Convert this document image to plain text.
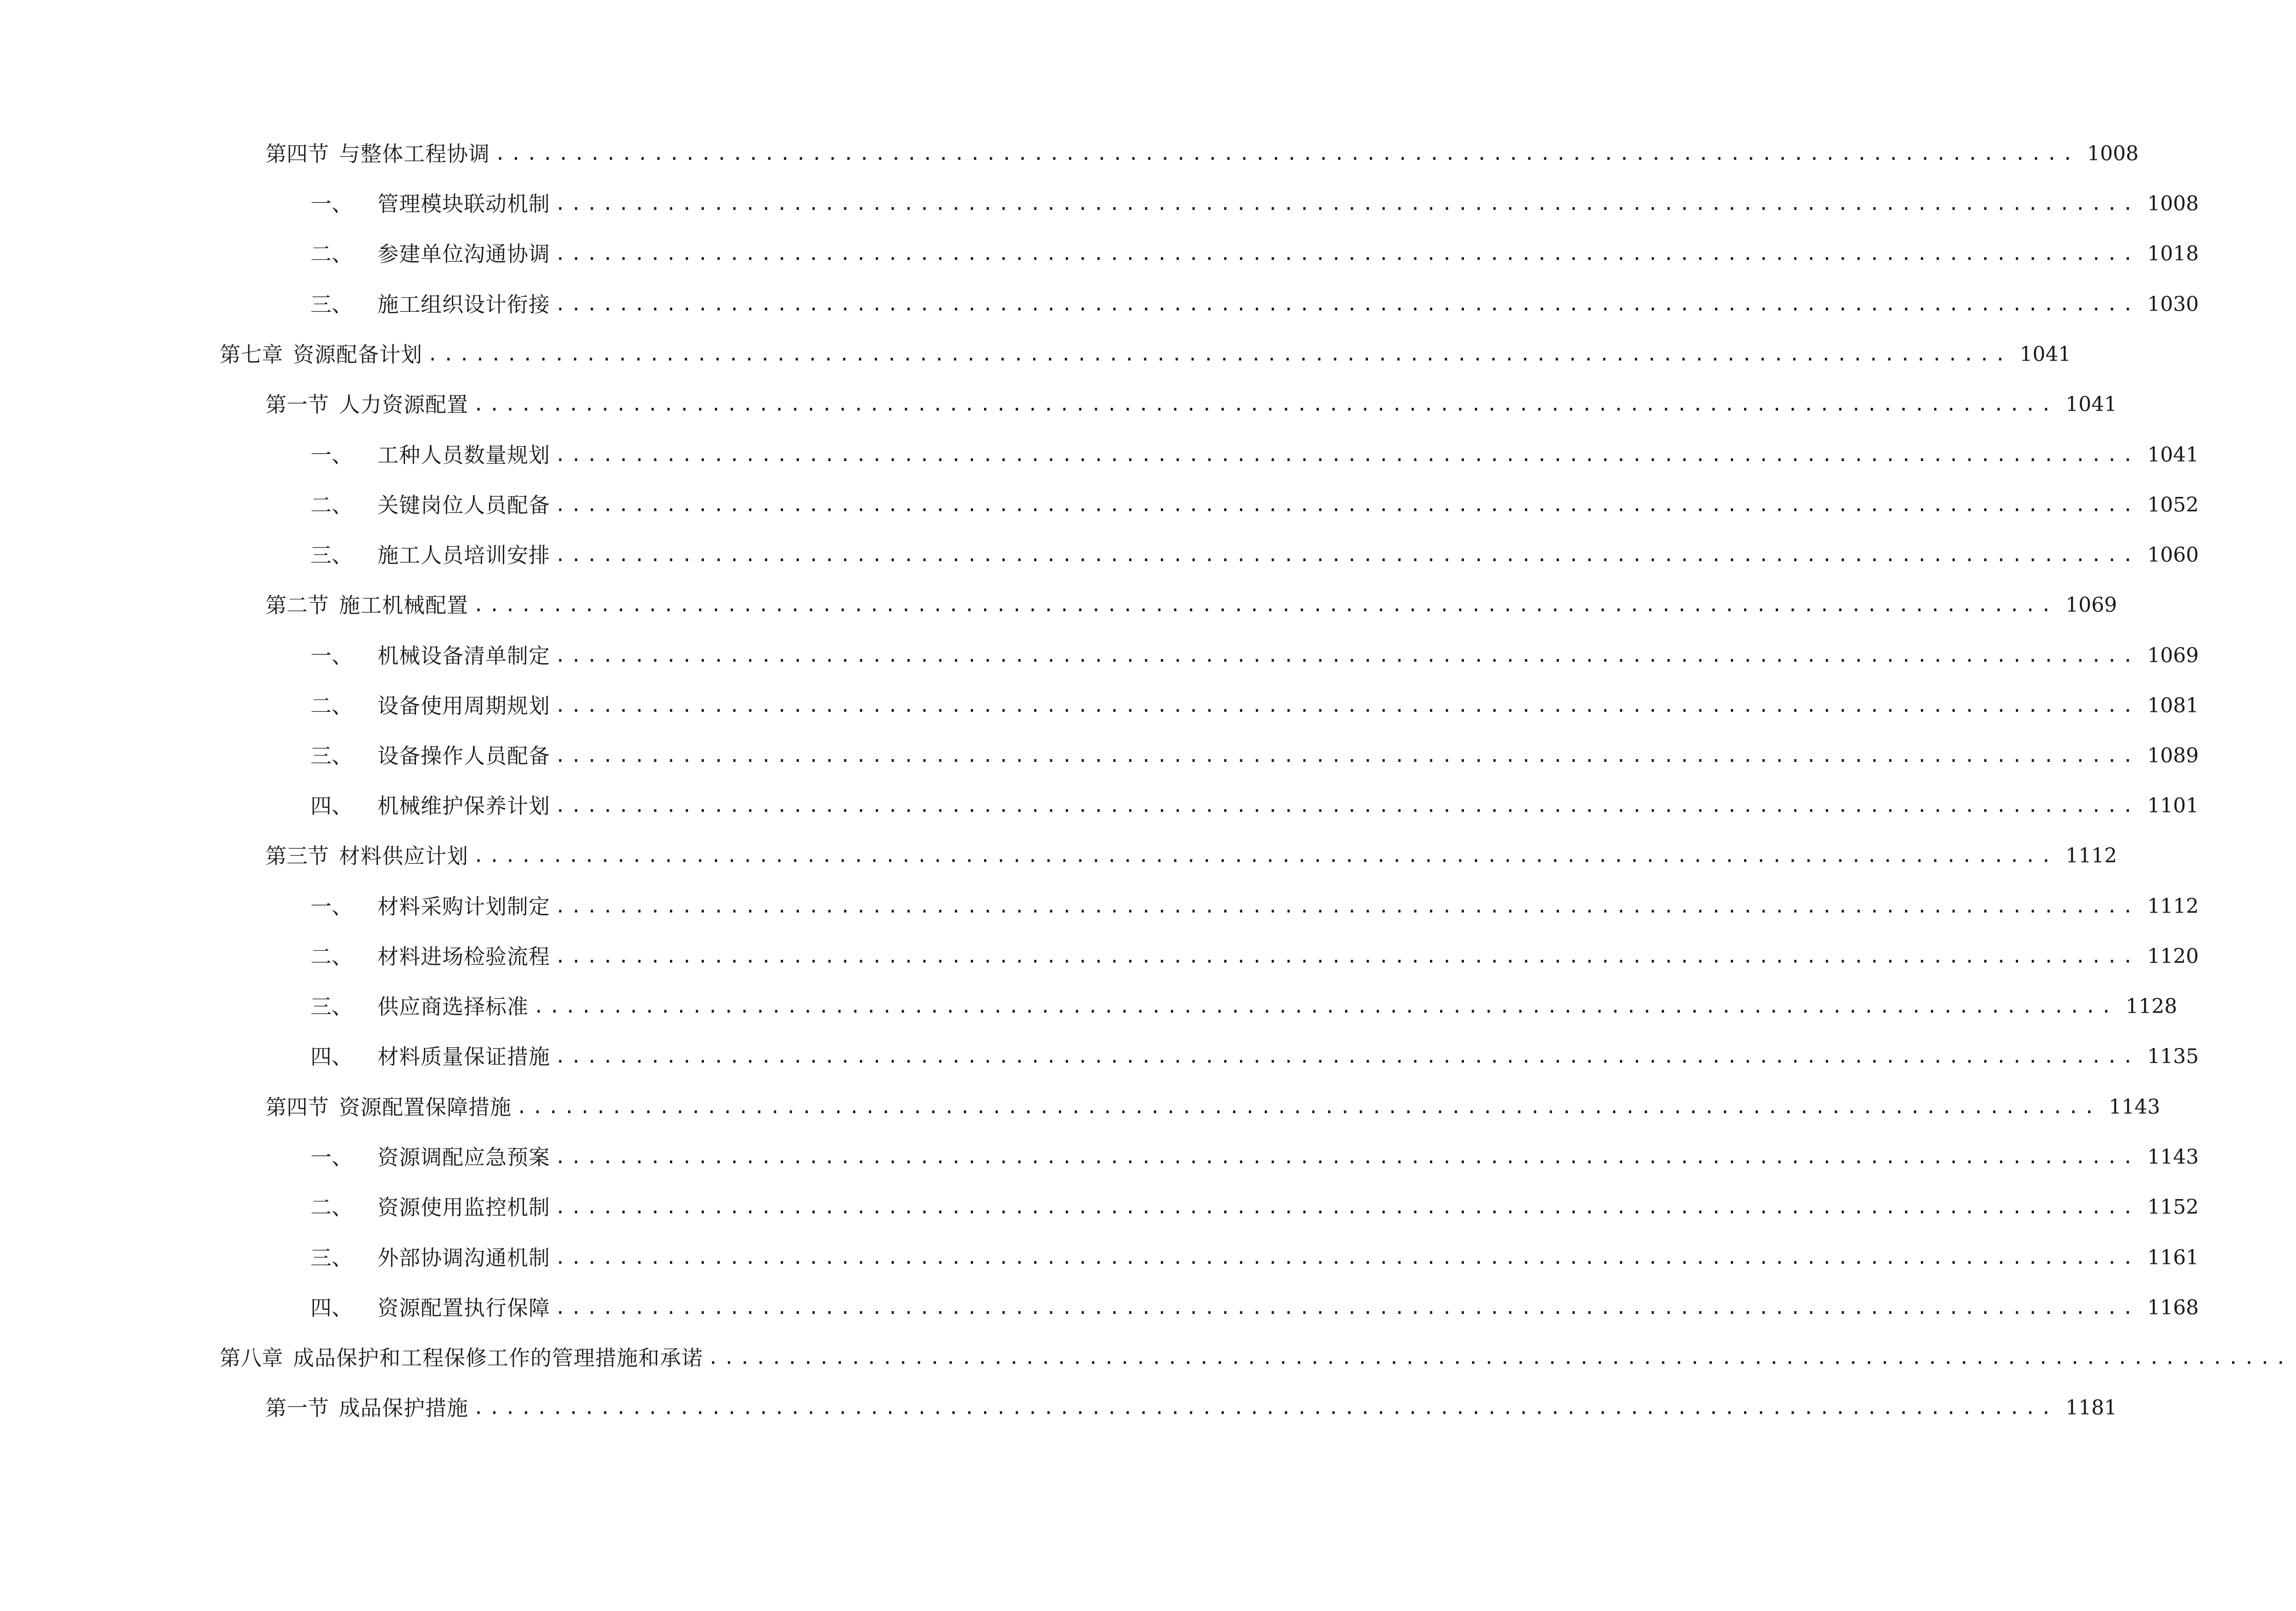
第四节 与整体工程协调 .................................................................................................... 1008
一、	管理模块联动机制 .................................................................................................... 1008
二、	参建单位沟通协调 .................................................................................................... 1018
三、	施工组织设计衔接 .................................................................................................... 1030
第七章 资源配备计划 .................................................................................................... 1041
第一节 人力资源配置 .................................................................................................... 1041
一、	工种人员数量规划 .................................................................................................... 1041
二、	关键岗位人员配备 .................................................................................................... 1052
三、	施工人员培训安排 .................................................................................................... 1060
第二节 施工机械配置 .................................................................................................... 1069
一、	机械设备清单制定 .................................................................................................... 1069
二、	设备使用周期规划 .................................................................................................... 1081
三、	设备操作人员配备 .................................................................................................... 1089
四、	机械维护保养计划 .................................................................................................... 1101
第三节 材料供应计划 .................................................................................................... 1112
一、	材料采购计划制定 .................................................................................................... 1112
二、	材料进场检验流程 .................................................................................................... 1120
三、	供应商选择标准 .................................................................................................... 1128
四、	材料质量保证措施 .................................................................................................... 1135
第四节 资源配置保障措施 .................................................................................................... 1143
一、	资源调配应急预案 .................................................................................................... 1143
二、	资源使用监控机制 .................................................................................................... 1152
三、	外部协调沟通机制 .................................................................................................... 1161
四、	资源配置执行保障 .................................................................................................... 1168
第八章 成品保护和工程保修工作的管理措施和承诺 ....................................................................................................
第一节 成品保护措施 .................................................................................................... 1181
